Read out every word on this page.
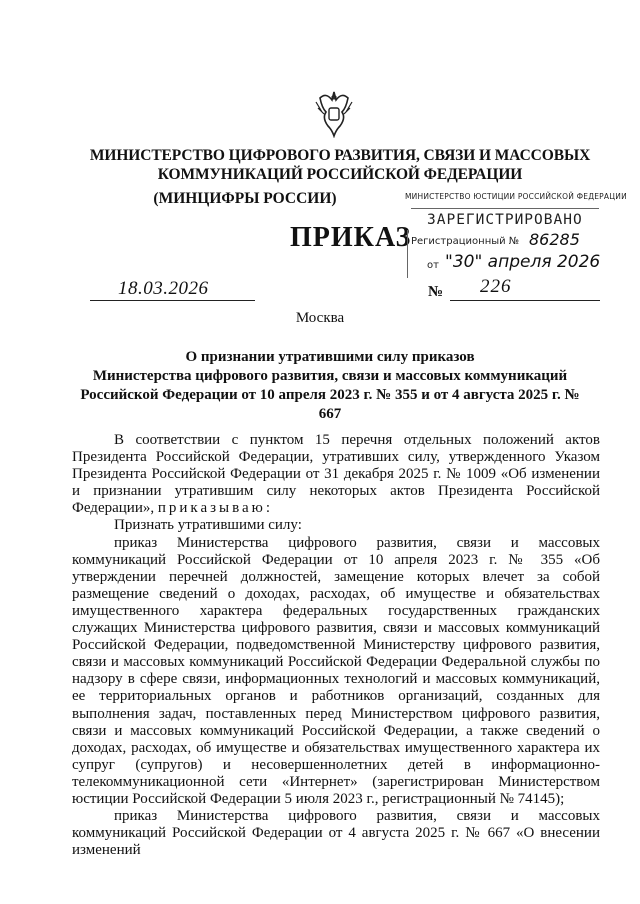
МИНИСТЕРСТВО ЦИФРОВОГО РАЗВИТИЯ, СВЯЗИ И МАССОВЫХ
КОММУНИКАЦИЙ РОССИЙСКОЙ ФЕДЕРАЦИИ
(МИНЦИФРЫ РОССИИ)
ПРИКАЗ
МИНИСТЕРСТВО ЮСТИЦИИ РОССИЙСКОЙ ФЕДЕРАЦИИ
ЗАРЕГИСТРИРОВАНО
Регистрационный № 86285
от "30" апреля 2026
18.03.2026	№ 226
Москва
О признании утратившими силу приказов
Министерства цифрового развития, связи и массовых коммуникаций
Российской Федерации от 10 апреля 2023 г. № 355 и от 4 августа 2025 г. № 667

В соответствии с пунктом 15 перечня отдельных положений актов Президента Российской Федерации, утративших силу, утвержденного Указом Президента Российской Федерации от 31 декабря 2025 г. № 1009 «Об изменении и признании утратившим силу некоторых актов Президента Российской Федерации», приказываю:

Признать утратившими силу:

приказ Министерства цифрового развития, связи и массовых коммуникаций Российской Федерации от 10 апреля 2023 г. № 355 «Об утверждении перечней должностей, замещение которых влечет за собой размещение сведений о доходах, расходах, об имуществе и обязательствах имущественного характера федеральных государственных гражданских служащих Министерства цифрового развития, связи и массовых коммуникаций Российской Федерации, подведомственной Министерству цифрового развития, связи и массовых коммуникаций Российской Федерации Федеральной службы по надзору в сфере связи, информационных технологий и массовых коммуникаций, ее территориальных органов и работников организаций, созданных для выполнения задач, поставленных перед Министерством цифрового развития, связи и массовых коммуникаций Российской Федерации, а также сведений о доходах, расходах, об имуществе и обязательствах имущественного характера их супруг (супругов) и несовершеннолетних детей в информационно-телекоммуникационной сети «Интернет» (зарегистрирован Министерством юстиции Российской Федерации 5 июля 2023 г., регистрационный № 74145);

приказ Министерства цифрового развития, связи и массовых коммуникаций Российской Федерации от 4 августа 2025 г. № 667 «О внесении изменений
